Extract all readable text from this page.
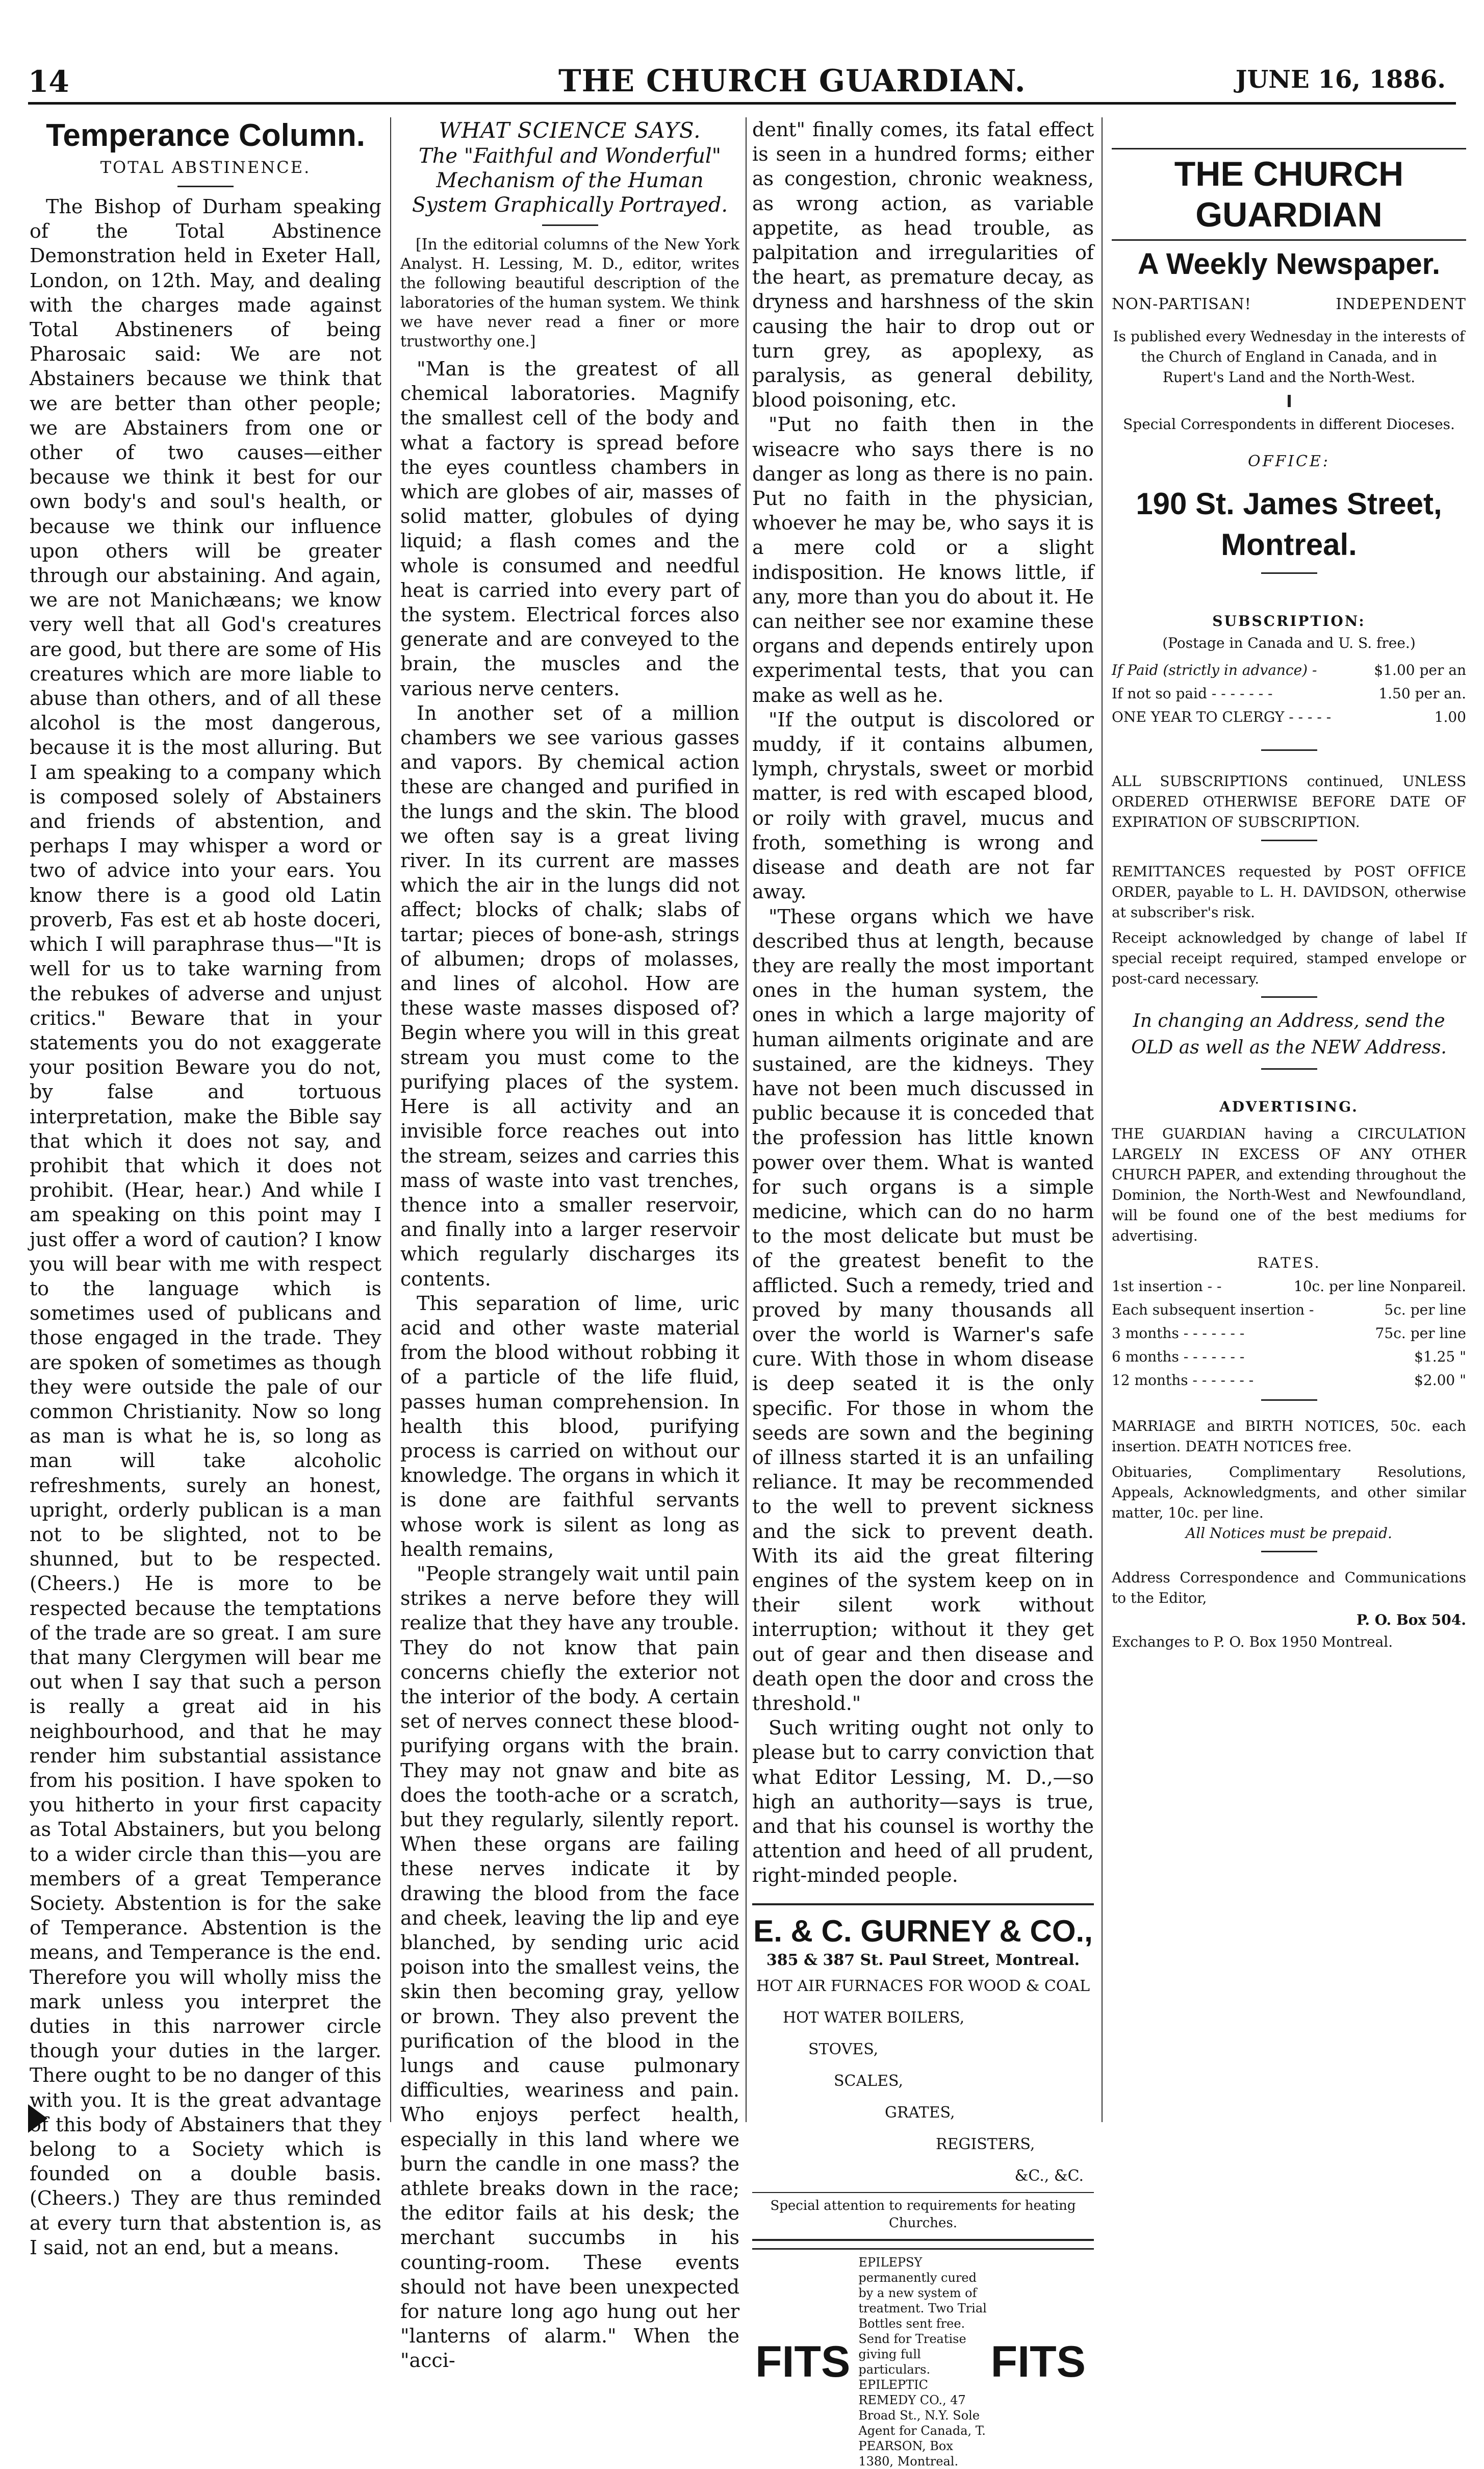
14	THE CHURCH GUARDIAN.	JUNE 16, 1886.
Temperance Column.
TOTAL ABSTINENCE.

The Bishop of Durham speaking of the Total Abstinence Demonstration held in Exeter Hall, London, on 12th. May, and dealing with the charges made against Total Abstineners of being Pharosaic said: We are not Abstainers because we think that we are better than other people; we are Abstainers from one or other of two causes—either because we think it best for our own body's and soul's health, or because we think our influence upon others will be greater through our abstaining. And again, we are not Manichæans; we know very well that all God's creatures are good, but there are some of His creatures which are more liable to abuse than others, and of all these alcohol is the most dangerous, because it is the most alluring. But I am speaking to a company which is composed solely of Abstainers and friends of abstention, and perhaps I may whisper a word or two of advice into your ears. You know there is a good old Latin proverb, Fas est et ab hoste doceri, which I will paraphrase thus—"It is well for us to take warning from the rebukes of adverse and unjust critics." Beware that in your statements you do not exaggerate your position Beware you do not, by false and tortuous interpretation, make the Bible say that which it does not say, and prohibit that which it does not prohibit. (Hear, hear.) And while I am speaking on this point may I just offer a word of caution? I know you will bear with me with respect to the language which is sometimes used of publicans and those engaged in the trade. They are spoken of sometimes as though they were outside the pale of our common Christianity. Now so long as man is what he is, so long as man will take alcoholic refreshments, surely an honest, upright, orderly publican is a man not to be slighted, not to be shunned, but to be respected. (Cheers.) He is more to be respected because the temptations of the trade are so great. I am sure that many Clergymen will bear me out when I say that such a person is really a great aid in his neighbourhood, and that he may render him substantial assistance from his position. I have spoken to you hitherto in your first capacity as Total Abstainers, but you belong to a wider circle than this—you are members of a great Temperance Society. Abstention is for the sake of Temperance. Abstention is the means, and Temperance is the end. Therefore you will wholly miss the mark unless you interpret the duties in this narrower circle though your duties in the larger. There ought to be no danger of this with you. It is the great advantage of this body of Abstainers that they belong to a Society which is founded on a double basis. (Cheers.) They are thus reminded at every turn that abstention is, as I said, not an end, but a means.

WHAT SCIENCE SAYS.
The "Faithful and Wonderful" Mechanism of the Human System Graphically Portrayed.

[In the editorial columns of the New York Analyst. H. Lessing, M. D., editor, writes the following beautiful description of the laboratories of the human system. We think we have never read a finer or more trustworthy one.]

"Man is the greatest of all chemical laboratories. Magnify the smallest cell of the body and what a factory is spread before the eyes countless chambers in which are globes of air, masses of solid matter, globules of dying liquid; a flash comes and the whole is consumed and needful heat is carried into every part of the system. Electrical forces also generate and are conveyed to the brain, the muscles and the various nerve centers.

In another set of a million chambers we see various gasses and vapors. By chemical action these are changed and purified in the lungs and the skin. The blood we often say is a great living river. In its current are masses which the air in the lungs did not affect; blocks of chalk; slabs of tartar; pieces of bone-ash, strings of albumen; drops of molasses, and lines of alcohol. How are these waste masses disposed of? Begin where you will in this great stream you must come to the purifying places of the system. Here is all activity and an invisible force reaches out into the stream, seizes and carries this mass of waste into vast trenches, thence into a smaller reservoir, and finally into a larger reservoir which regularly discharges its contents.

This separation of lime, uric acid and other waste material from the blood without robbing it of a particle of the life fluid, passes human comprehension. In health this blood, purifying process is carried on without our knowledge. The organs in which it is done are faithful servants whose work is silent as long as health remains,

"People strangely wait until pain strikes a nerve before they will realize that they have any trouble. They do not know that pain concerns chiefly the exterior not the interior of the body. A certain set of nerves connect these blood-purifying organs with the brain. They may not gnaw and bite as does the tooth-ache or a scratch, but they regularly, silently report. When these organs are failing these nerves indicate it by drawing the blood from the face and cheek, leaving the lip and eye blanched, by sending uric acid poison into the smallest veins, the skin then becoming gray, yellow or brown. They also prevent the purification of the blood in the lungs and cause pulmonary difficulties, weariness and pain. Who enjoys perfect health, especially in this land where we burn the candle in one mass? the athlete breaks down in the race; the editor fails at his desk; the merchant succumbs in his counting-room. These events should not have been unexpected for nature long ago hung out her "lanterns of alarm." When the "acci-

dent" finally comes, its fatal effect is seen in a hundred forms; either as congestion, chronic weakness, as wrong action, as variable appetite, as head trouble, as palpitation and irregularities of the heart, as premature decay, as dryness and harshness of the skin causing the hair to drop out or turn grey, as apoplexy, as paralysis, as general debility, blood poisoning, etc.

"Put no faith then in the wiseacre who says there is no danger as long as there is no pain. Put no faith in the physician, whoever he may be, who says it is a mere cold or a slight indisposition. He knows little, if any, more than you do about it. He can neither see nor examine these organs and depends entirely upon experimental tests, that you can make as well as he.

"If the output is discolored or muddy, if it contains albumen, lymph, chrystals, sweet or morbid matter, is red with escaped blood, or roily with gravel, mucus and froth, something is wrong and disease and death are not far away.

"These organs which we have described thus at length, because they are really the most important ones in the human system, the ones in which a large majority of human ailments originate and are sustained, are the kidneys. They have not been much discussed in public because it is conceded that the profession has little known power over them. What is wanted for such organs is a simple medicine, which can do no harm to the most delicate but must be of the greatest benefit to the afflicted. Such a remedy, tried and proved by many thousands all over the world is Warner's safe cure. With those in whom disease is deep seated it is the only specific. For those in whom the seeds are sown and the begining of illness started it is an unfailing reliance. It may be recommended to the well to prevent sickness and the sick to prevent death. With its aid the great filtering engines of the system keep on in their silent work without interruption; without it they get out of gear and then disease and death open the door and cross the threshold."

Such writing ought not only to please but to carry conviction that what Editor Lessing, M. D.,—so high an authority—says is true, and that his counsel is worthy the attention and heed of all prudent, right-minded people.

E. & C. GURNEY & CO.,
385 & 387 St. Paul Street, Montreal.
HOT AIR FURNACES FOR WOOD & COAL
HOT WATER BOILERS,
STOVES,
SCALES,
GRATES,
REGISTERS,
&C., &C.
Special attention to requirements for heating Churches.
FITS
EPILEPSY permanently cured by a new system of treatment. Two Trial Bottles sent free. Send for Treatise giving full particulars. EPILEPTIC REMEDY CO., 47 Broad St., N.Y. Sole Agent for Canada, T. PEARSON, Box 1380, Montreal.
FITS
THE CHURCH GUARDIAN
A Weekly Newspaper.
NON-PARTISAN!	INDEPENDENT
Is published every Wednesday in the interests of the Church of England in Canada, and in Rupert's Land and the North-West.
Special Correspondents in different Dioceses.
OFFICE:
190 St. James Street, Montreal.
SUBSCRIPTION:
(Postage in Canada and U. S. free.)
If Paid (strictly in advance) -	$1.00 per an
If not so paid - - - - - - -	1.50 per an.
ONE YEAR TO CLERGY - - - - -	1.00
ALL SUBSCRIPTIONS continued, UNLESS ORDERED OTHERWISE BEFORE DATE OF EXPIRATION OF SUBSCRIPTION.
REMITTANCES requested by POST OFFICE ORDER, payable to L. H. DAVIDSON, otherwise at subscriber's risk.
Receipt acknowledged by change of label If special receipt required, stamped envelope or post-card necessary.
In changing an Address, send the OLD as well as the NEW Address.
ADVERTISING.
THE GUARDIAN having a CIRCULATION LARGELY IN EXCESS OF ANY OTHER CHURCH PAPER, and extending throughout the Dominion, the North-West and Newfoundland, will be found one of the best mediums for advertising.
RATES.
1st insertion - -	10c. per line Nonpareil.
Each subsequent insertion -	5c. per line
3 months - - - - - - -	75c. per line
6 months - - - - - - -	$1.25 "
12 months - - - - - - -	$2.00 "
MARRIAGE and BIRTH NOTICES, 50c. each insertion. DEATH NOTICES free.
Obituaries, Complimentary Resolutions, Appeals, Acknowledgments, and other similar matter, 10c. per line.
All Notices must be prepaid.
Address Correspondence and Communications to the Editor,
P. O. Box 504.
Exchanges to P. O. Box 1950 Montreal.
